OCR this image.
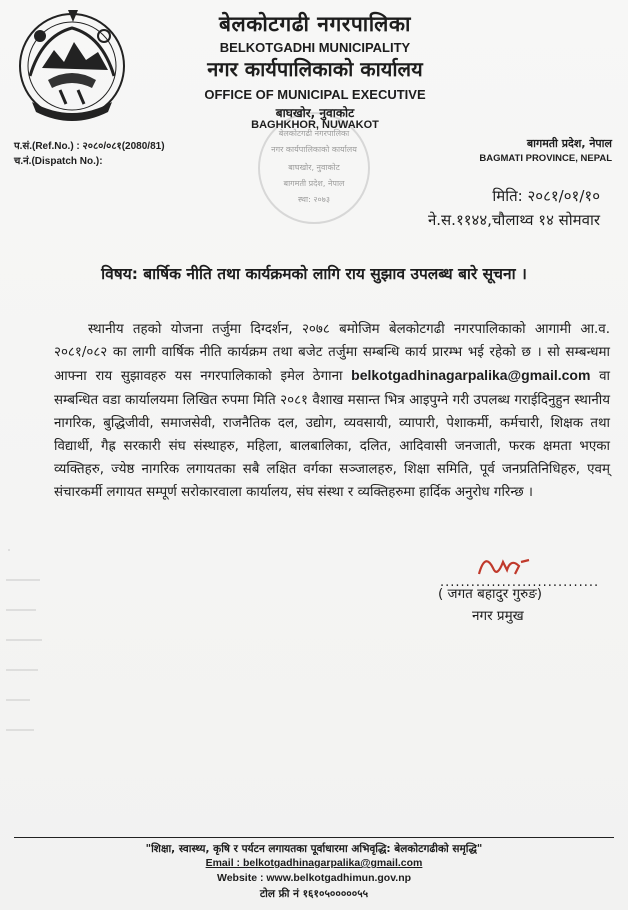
बेलकोटगढी नगरपालिका
BELKOTGADHI MUNICIPALITY
नगर कार्यपालिकाको कार्यालय
OFFICE OF MUNICIPAL EXECUTIVE
बाघखोर, नुवाकोट
BAGHKHOR, NUWAKOT
प.सं.(Ref.No.) : २०८०/०८१(2080/81)
च.नं.(Dispatch No.):
बागमती प्रदेश, नेपाल
BAGMATI PROVINCE, NEPAL
बेलकोटगढी नगरपालिका
नगर कार्यपालिकाको कार्यालय
बाघखोर, नुवाकोट
बागमती प्रदेश, नेपाल
स्था: २०७३	मिति: २०८१/०१/१०
ने.स.११४४,चौलाथ्व १४ सोमवार
विषय: बार्षिक नीति तथा कार्यक्रमको लागि राय सुझाव उपलब्ध बारे सूचना ।
स्थानीय तहको योजना तर्जुमा दिग्दर्शन, २०७८ बमोजिम बेलकोटगढी नगरपालिकाको आगामी आ.व. २०८१/०८२ का लागी वार्षिक नीति कार्यक्रम तथा बजेट तर्जुमा सम्बन्धि कार्य प्रारम्भ भई रहेको छ । सो सम्बन्धमा आफ्ना राय सुझावहरु यस नगरपालिकाको इमेल ठेगाना belkotgadhinagarpalika@gmail.com वा सम्बन्धित वडा कार्यालयमा लिखित रुपमा मिति २०८१ वैशाख मसान्त भित्र आइपुग्ने गरी उपलब्ध गराईदिनुहुन स्थानीय नागरिक, बुद्धिजीवी, समाजसेवी, राजनैतिक दल, उद्योग, व्यवसायी, व्यापारी, पेशाकर्मी, कर्मचारी, शिक्षक तथा विद्यार्थी, गैह्र सरकारी संघ संस्थाहरु, महिला, बालबालिका, दलित, आदिवासी जनजाती, फरक क्षमता भएका व्यक्तिहरु, ज्येष्ठ नागरिक लगायतका सबै लक्षित वर्गका सञ्जालहरु, शिक्षा समिति, पूर्व जनप्रतिनिधिहरु, एवम् संचारकर्मी लगायत सम्पूर्ण सरोकारवाला कार्यालय, संघ संस्था र व्यक्तिहरुमा हार्दिक अनुरोध गरिन्छ ।
...............................
( जगत बहादुर गुरुङ)
नगर प्रमुख
"शिक्षा, स्वास्थ्य, कृषि र पर्यटन लगायतका पूर्वाधारमा अभिवृद्धि: बेलकोटगढीको समृद्धि"
Email : belkotgadhinagarpalika@gmail.com
Website : www.belkotgadhimun.gov.np
टोल फ्री नं १६१०५०००००५५
